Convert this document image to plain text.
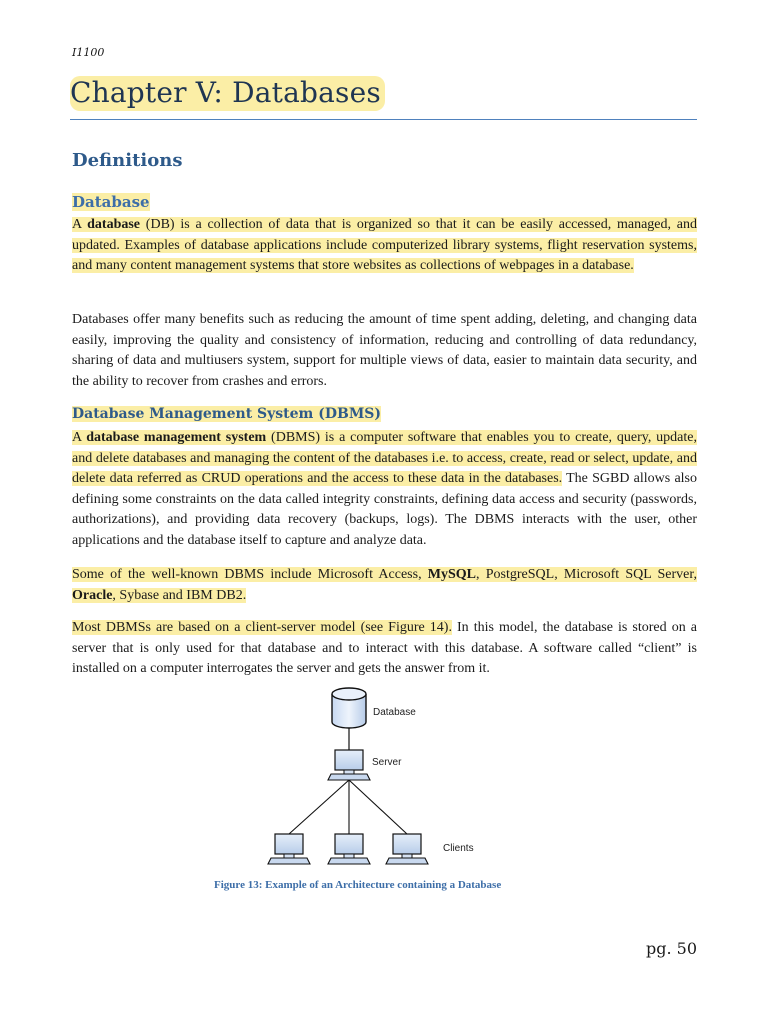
I1100
Chapter V: Databases
Definitions
Database

A database (DB) is a collection of data that is organized so that it can be easily accessed, managed, and updated. Examples of database applications include computerized library systems, flight reservation systems, and many content management systems that store websites as collections of webpages in a database.

Databases offer many benefits such as reducing the amount of time spent adding, deleting, and changing data easily, improving the quality and consistency of information, reducing and controlling of data redundancy, sharing of data and multiusers system, support for multiple views of data, easier to maintain data security, and the ability to recover from crashes and errors.

Database Management System (DBMS)

A database management system (DBMS) is a computer software that enables you to create, query, update, and delete databases and managing the content of the databases i.e. to access, create, read or select, update, and delete data referred as CRUD operations and the access to these data in the databases. The SGBD allows also defining some constraints on the data called integrity constraints, defining data access and security (passwords, authorizations), and providing data recovery (backups, logs). The DBMS interacts with the user, other applications and the database itself to capture and analyze data.

Some of the well-known DBMS include Microsoft Access, MySQL, PostgreSQL, Microsoft SQL Server, Oracle, Sybase and IBM DB2.

Most DBMSs are based on a client-server model (see Figure 14). In this model, the database is stored on a server that is only used for that database and to interact with this database. A software called “client” is installed on a computer interrogates the server and gets the answer from it.

Database
Server
Clients

Figure 13: Example of an Architecture containing a Database

pg. 50
